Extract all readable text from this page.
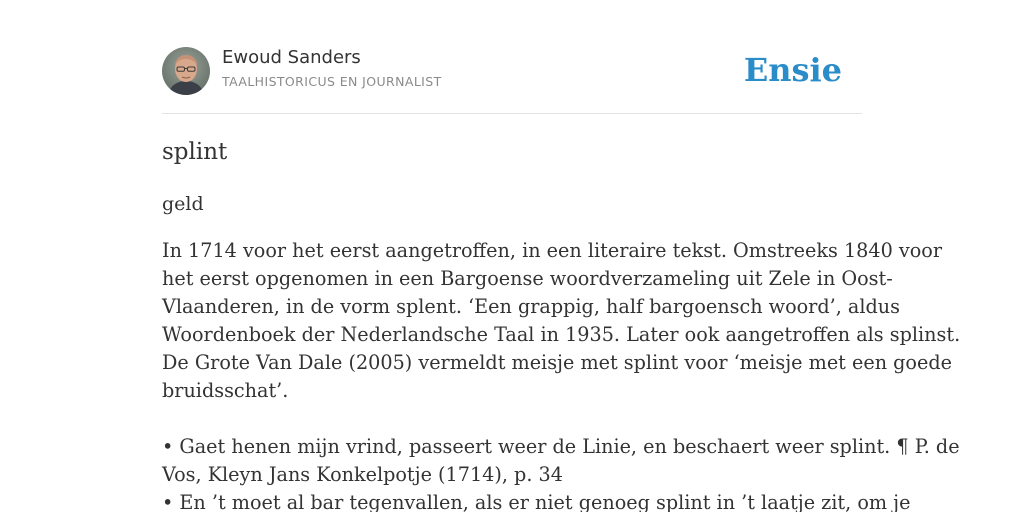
Ewoud Sanders
TAALHISTORICUS EN JOURNALIST	Ensie
splint
geld

In 1714 voor het eerst aangetroffen, in een literaire tekst. Omstreeks 1840 voor
het eerst opgenomen in een Bargoense woordverzameling uit Zele in Oost-
Vlaanderen, in de vorm splent. ‘Een grappig, half bargoensch woord’, aldus
Woordenboek der Nederlandsche Taal in 1935. Later ook aangetroffen als splinst.
De Grote Van Dale (2005) vermeldt meisje met splint voor ‘meisje met een goede
bruidsschat’.

• Gaet henen mijn vrind, passeert weer de Linie, en beschaert weer splint. ¶ P. de
Vos, Kleyn Jans Konkelpotje (1714), p. 34
• En ’t moet al bar tegenvallen, als er niet genoeg splint in ’t laatje zit, om je
